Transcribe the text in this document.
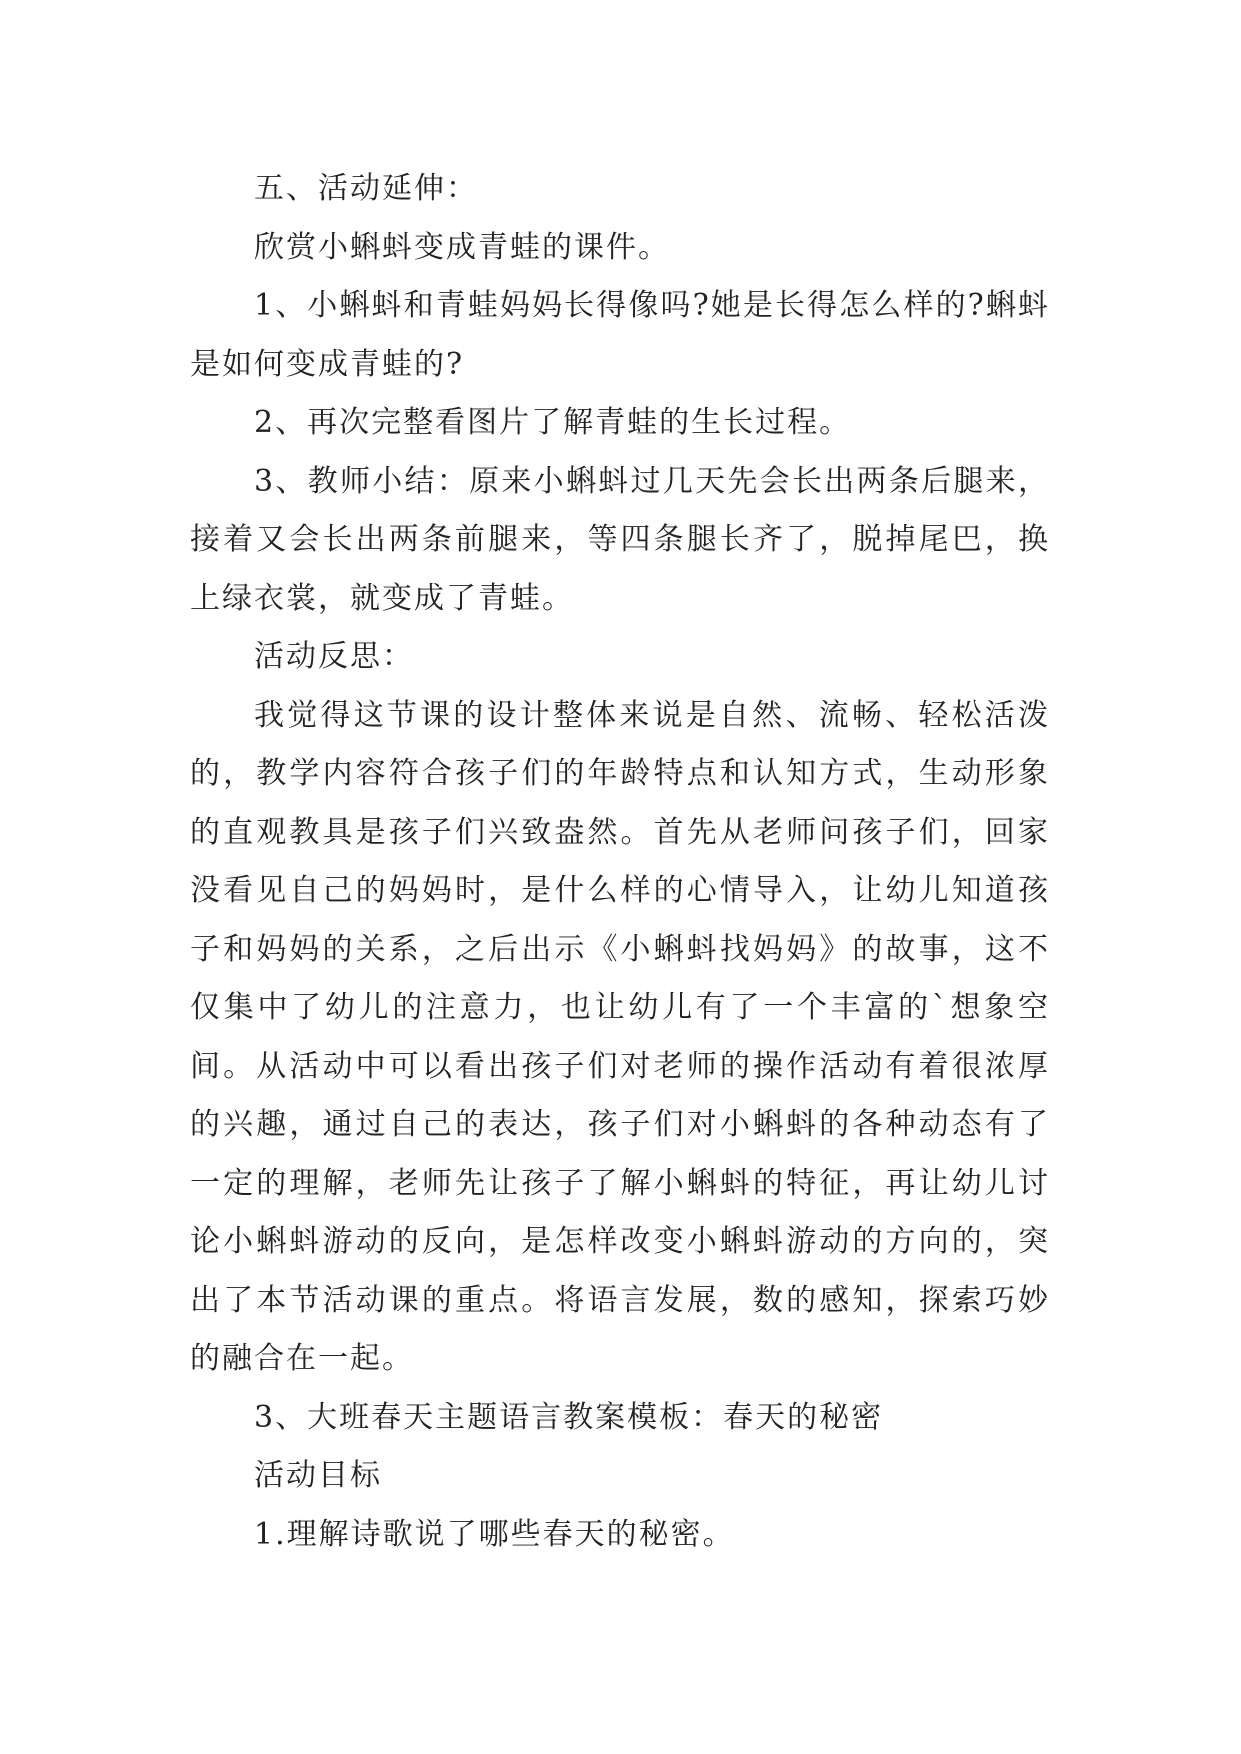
五、活动延伸：

欣赏小蝌蚪变成青蛙的课件。

1、小蝌蚪和青蛙妈妈长得像吗?她是长得怎么样的?蝌蚪是如何变成青蛙的?

2、再次完整看图片了解青蛙的生长过程。

3、教师小结：原来小蝌蚪过几天先会长出两条后腿来，接着又会长出两条前腿来，等四条腿长齐了，脱掉尾巴，换上绿衣裳，就变成了青蛙。

活动反思：

我觉得这节课的设计整体来说是自然、流畅、轻松活泼的，教学内容符合孩子们的年龄特点和认知方式，生动形象的直观教具是孩子们兴致盎然。首先从老师问孩子们，回家没看见自己的妈妈时，是什么样的心情导入，让幼儿知道孩子和妈妈的关系，之后出示《小蝌蚪找妈妈》的故事，这不仅集中了幼儿的注意力，也让幼儿有了一个丰富的`想象空间。从活动中可以看出孩子们对老师的操作活动有着很浓厚的兴趣，通过自己的表达，孩子们对小蝌蚪的各种动态有了一定的理解，老师先让孩子了解小蝌蚪的特征，再让幼儿讨论小蝌蚪游动的反向，是怎样改变小蝌蚪游动的方向的，突出了本节活动课的重点。将语言发展，数的感知，探索巧妙的融合在一起。

3、大班春天主题语言教案模板：春天的秘密

活动目标

1.理解诗歌说了哪些春天的秘密。
